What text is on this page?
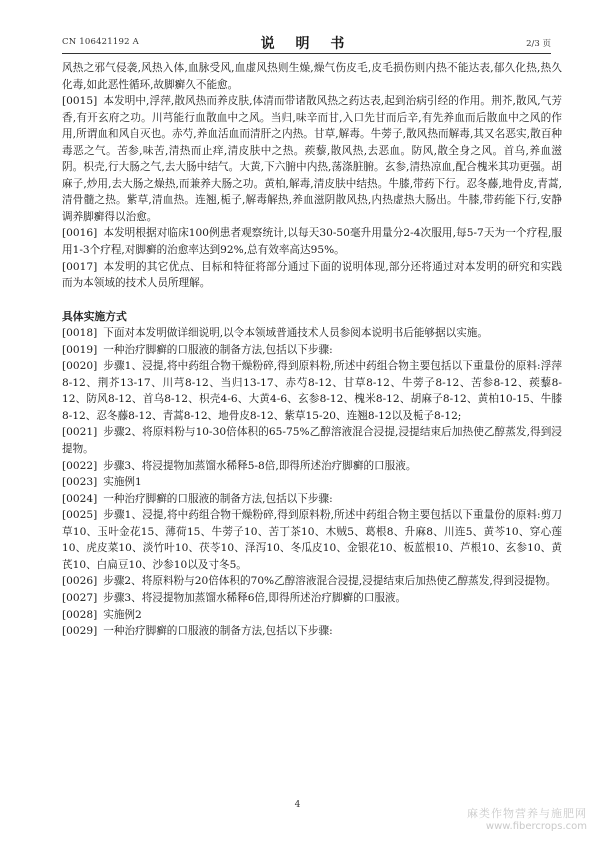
CN 106421192 A	说 明 书	2/3 页

风热之邪气侵袭,风热入体,血脉受风,血虚风热则生燥,燥气伤皮毛,皮毛损伤则内热不能达表,郁久化热,热久化毒,如此恶性循环,故脚癣久不能愈。

[0015] 本发明中,浮萍,散风热而养皮肤,体清而带诸散风热之药达表,起到治病引经的作用。荆芥,散风,气芳香,有开玄府之功。川芎能行血散血中之风。当归,味辛而甘,入口先甘而后辛,有先养血而后散血中之风的作用,所谓血和风自灭也。赤芍,养血活血而清肝之内热。甘草,解毒。牛蒡子,散风热而解毒,其又名恶实,散百种毒恶之气。苦参,味苦,清热而止痒,清皮肤中之热。蒺藜,散风热,去恶血。防风,散全身之风。首乌,养血滋阴。枳壳,行大肠之气,去大肠中结气。大黄,下六腑中内热,荡涤脏腑。玄参,清热凉血,配合槐米其功更强。胡麻子,炒用,去大肠之燥热,而兼养大肠之功。黄柏,解毒,清皮肤中结热。牛膝,带药下行。忍冬藤,地骨皮,青蒿,清骨髓之热。紫草,清血热。连翘,栀子,解毒解热,养血滋阴散风热,内热虚热大肠出。牛膝,带药能下行,安静调养脚癣得以治愈。

[0016] 本发明根据对临床100例患者观察统计,以每天30-50毫升用量分2-4次服用,每5-7天为一个疗程,服用1-3个疗程,对脚癣的治愈率达到92%,总有效率高达95%。

[0017] 本发明的其它优点、目标和特征将部分通过下面的说明体现,部分还将通过对本发明的研究和实践而为本领域的技术人员所理解。

具体实施方式

[0018] 下面对本发明做详细说明,以令本领域普通技术人员参阅本说明书后能够据以实施。

[0019] 一种治疗脚癣的口服液的制备方法,包括以下步骤:

[0020] 步骤1、浸提,将中药组合物干燥粉碎,得到原料粉,所述中药组合物主要包括以下重量份的原料:浮萍8-12、荆芥13-17、川芎8-12、当归13-17、赤芍8-12、甘草8-12、牛蒡子8-12、苦参8-12、蒺藜8-12、防风8-12、首乌8-12、枳壳4-6、大黄4-6、玄参8-12、槐米8-12、胡麻子8-12、黄柏10-15、牛膝8-12、忍冬藤8-12、青蒿8-12、地骨皮8-12、紫草15-20、连翘8-12以及栀子8-12;

[0021] 步骤2、将原料粉与10-30倍体积的65-75%乙醇溶液混合浸提,浸提结束后加热使乙醇蒸发,得到浸提物。

[0022] 步骤3、将浸提物加蒸馏水稀释5-8倍,即得所述治疗脚癣的口服液。

[0023] 实施例1

[0024] 一种治疗脚癣的口服液的制备方法,包括以下步骤:

[0025] 步骤1、浸提,将中药组合物干燥粉碎,得到原料粉,所述中药组合物主要包括以下重量份的原料:剪刀草10、玉叶金花15、薄荷15、牛蒡子10、苦丁茶10、木贼5、葛根8、升麻8、川连5、黄芩10、穿心莲10、虎皮菜10、淡竹叶10、茯苓10、泽泻10、冬瓜皮10、金银花10、板蓝根10、芦根10、玄参10、黄芪10、白扁豆10、沙参10以及寸冬5。

[0026] 步骤2、将原料粉与20倍体积的70%乙醇溶液混合浸提,浸提结束后加热使乙醇蒸发,得到浸提物。

[0027] 步骤3、将浸提物加蒸馏水稀释6倍,即得所述治疗脚癣的口服液。

[0028] 实施例2

[0029] 一种治疗脚癣的口服液的制备方法,包括以下步骤:

4
麻类作物营养与施肥网
www.fibercrops.com
